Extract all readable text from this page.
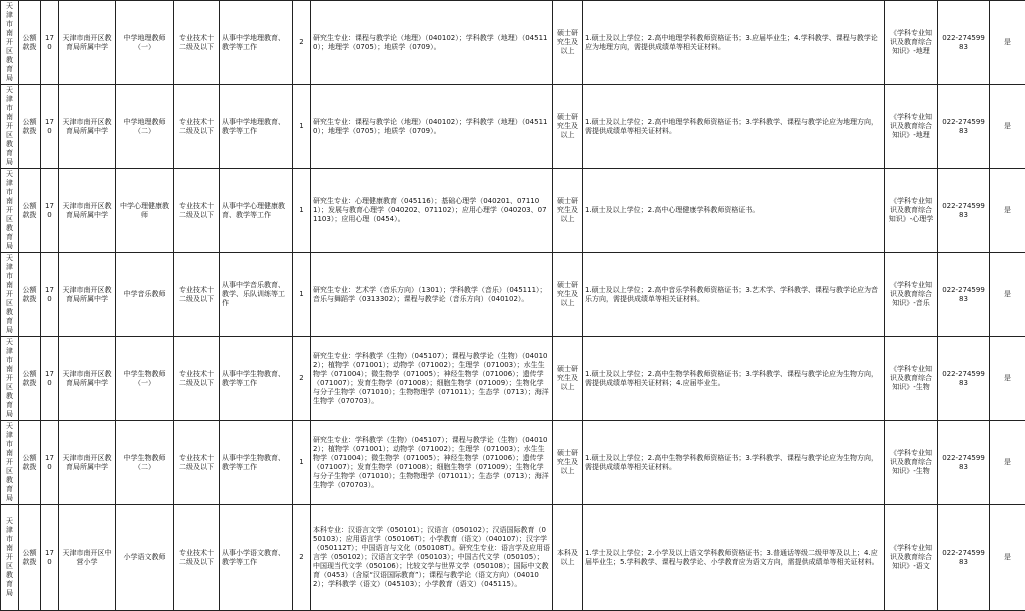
天津市南开区教育局	公额款拨	170	天津市南开区教育局所属中学	中学地理教师（一）	专业技术十二级及以下	从事中学地理教育、教学等工作	2	研究生专业：课程与教学论（地理）（040102）；学科教学（地理）（045110）；地理学（0705）；地质学（0709）。	硕士研究生及以上	1.硕士及以上学位；2.高中地理学科教师资格证书；3.应届毕业生；4.学科教学、课程与教学论应为地理方向，需提供成绩单等相关证材料。	《学科专业知识及教育综合知识》-地理	022-27459983	是
天津市南开区教育局	公额款拨	170	天津市南开区教育局所属中学	中学地理教师（二）	专业技术十二级及以下	从事中学地理教育、教学等工作	1	研究生专业：课程与教学论（地理）（040102）；学科教学（地理）（045110）；地理学（0705）；地质学（0709）。	硕士研究生及以上	1.硕士及以上学位；2.高中地理学科教师资格证书；3.学科教学、课程与教学论应为地理方向，需提供成绩单等相关证材料。	《学科专业知识及教育综合知识》-地理	022-27459983	是
天津市南开区教育局	公额款拨	170	天津市南开区教育局所属中学	中学心理健康教师	专业技术十二级及以下	从事中学心理健康教育、教学等工作	1	研究生专业：心理健康教育（045116）；基础心理学（040201、071101）；发展与教育心理学（040202、071102）；应用心理学（040203、071103）；应用心理（0454）。	硕士研究生及以上	1.硕士及以上学位；2.高中心理健康学科教师资格证书。	《学科专业知识及教育综合知识》-心理学	022-27459983	是
天津市南开区教育局	公额款拨	170	天津市南开区教育局所属中学	中学音乐教师	专业技术十二级及以下	从事中学音乐教育、教学、乐队训练等工作	1	研究生专业：艺术学（音乐方向）（1301）；学科教学（音乐）（045111）；音乐与舞蹈学（0313302）；课程与教学论（音乐方向）（040102）。	硕士研究生及以上	1.硕士及以上学位；2.高中音乐学科教师资格证书；3.艺术学、学科教学、课程与教学论应为音乐方向，需提供成绩单等相关证材料。	《学科专业知识及教育综合知识》-音乐	022-27459983	是
天津市南开区教育局	公额款拨	170	天津市南开区教育局所属中学	中学生物教师（一）	专业技术十二级及以下	从事中学生物教育、教学等工作	2	研究生专业：学科教学（生物）（045107）；课程与教学论（生物）（040102）；植物学（071001）；动物学（071002）；生理学（071003）；水生生物学（071004）；微生物学（071005）；神经生物学（071006）；遗传学（071007）；发育生物学（071008）；细胞生物学（071009）；生物化学与分子生物学（071010）；生物物理学（071011）；生态学（0713）；海洋生物学（070703）。	硕士研究生及以上	1.硕士及以上学位；2.高中生物学科教师资格证书；3.学科教学、课程与教学论应为生物方向，需提供成绩单等相关证材料；4.应届毕业生。	《学科专业知识及教育综合知识》-生物	022-27459983	是
天津市南开区教育局	公额款拨	170	天津市南开区教育局所属中学	中学生物教师（二）	专业技术十二级及以下	从事中学生物教育、教学等工作	1	研究生专业：学科教学（生物）（045107）；课程与教学论（生物）（040102）；植物学（071001）；动物学（071002）；生理学（071003）；水生生物学（071004）；微生物学（071005）；神经生物学（071006）；遗传学（071007）；发育生物学（071008）；细胞生物学（071009）；生物化学与分子生物学（071010）；生物物理学（071011）；生态学（0713）；海洋生物学（070703）。	硕士研究生及以上	1.硕士及以上学位；2.高中生物学科教师资格证书；3.学科教学、课程与教学论应为生物方向，需提供成绩单等相关证材料。	《学科专业知识及教育综合知识》-生物	022-27459983	是
天津市南开区教育局	公额款拨	170	天津市南开区中营小学	小学语文教师	专业技术十二级及以下	从事小学语文教育、教学等工作	2	本科专业：汉语言文学（050101）；汉语言（050102）；汉语国际教育（050103）；应用语言学（050106T）；小学教育（语文）（040107）；汉字学（050112T）；中国语言与文化（050108T）。研究生专业：语言学及应用语言学（050102）；汉语言文字学（050103）；中国古代文学（050105）；中国现当代文学（050106）；比较文学与世界文学（050108）；国际中文教育（0453）（含原“汉语国际教育”）；课程与教学论（语文方向）（040102）；学科教学（语文）（045103）；小学教育（语文）（045115）。	本科及以上	1.学士及以上学位；2.小学及以上语文学科教师资格证书；3.普通话等级二级甲等及以上；4.应届毕业生；5.学科教学、课程与教学论、小学教育应为语文方向，需提供成绩单等相关证材料。	《学科专业知识及教育综合知识》-语文	022-27459983	是
